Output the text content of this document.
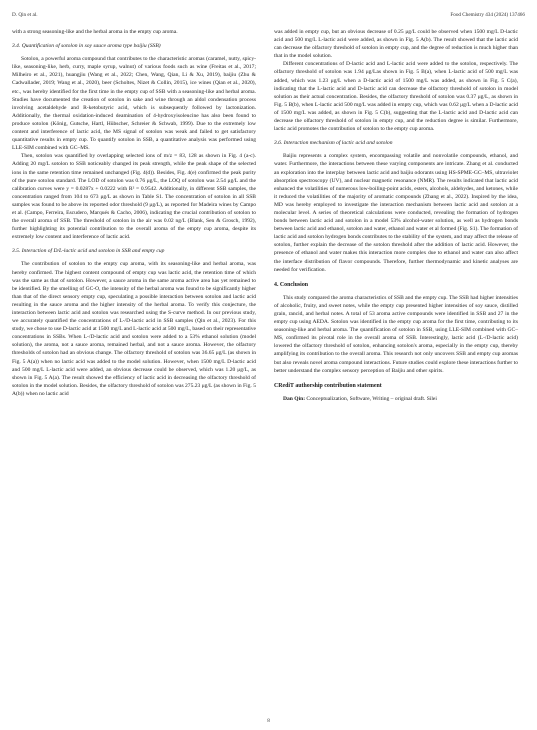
D. Qin et al.	Food Chemistry 434 (2024) 137466

with a strong seasoning-like and the herbal aroma in the empty cup aroma.

3.4. Quantification of sotolon in soy sauce aroma type baijiu (SSB)

Sotolon, a powerful aroma compound that contributes to the characteristic aromas (caramel, nutty, spicy-like, seasoning-like, herb, curry, maple syrup, walnut) of various foods such as wine (Freitas et al., 2017; Milheiro et al., 2021), huangjiu (Wang et al., 2022; Chen, Wang, Qian, Li & Xu, 2019), baijiu (Zhu & Cadwallader, 2019; Wang et al., 2020), beer (Scholtes, Nizet & Collin, 2015), ice wines (Qian et al., 2020), etc., was hereby identified for the first time in the empty cup of SSB with a seasoning-like and herbal aroma. Studies have documented the creation of sotolon in sake and wine through an aldol condensation process involving acetaldehyde and R-ketobutyric acid, which is subsequently followed by lactonization. Additionally, the thermal oxidation-induced deamination of 4-hydroxyisoleucine has also been found to produce sotolon (König, Gutsche, Hartl, Hübscher, Schreier & Schwab, 1999). Due to the extremely low content and interference of lactic acid, the MS signal of sotolon was weak and failed to get satisfactory quantitative results in empty cup. To quantify sotolon in SSB, a quantitative analysis was performed using LLE-SIM combined with GC–MS.

Then, sotolon was quantified by overlapping selected ions of m/z = 83, 128 as shown in Fig. 4 (a-c). Adding 20 mg/L sotolon to SSB noticeably changed its peak strength, while the peak shape of the selected ions in the same retention time remained unchanged (Fig. 4(d)). Besides, Fig. 4(e) confirmed the peak purity of the pure sotolon standard. The LOD of sotolon was 0.76 μg/L, the LOQ of sotolon was 2.54 μg/L and the calibration curves were y = 0.0287x + 0.0222 with R² = 0.9542. Additionally, in different SSB samples, the concentration ranged from 104 to 673 μg/L as shown in Table S1. The concentration of sotolon in all SSB samples was found to be above its reported odor threshold (9 μg/L), as reported for Madeira wines by Campo et al. (Campo, Ferreira, Escudero, Marqués & Cacho, 2006), indicating the crucial contribution of sotolon to the overall aroma of SSB. The threshold of sotolon in the air was 0.02 ng/L (Blank, Sen & Grosch, 1992), further highlighting its potential contribution to the overall aroma of the empty cup aroma, despite its extremely low content and interference of lactic acid.

3.5. Interaction of D/L-lactic acid and sotolon in SSB and empty cup

The contribution of sotolon to the empty cup aroma, with its seasoning-like and herbal aroma, was hereby confirmed. The highest content compound of empty cup was lactic acid, the retention time of which was the same as that of sotolon. However, a sauce aroma in the same aroma active area has yet remained to be identified. By the smelling of GC-O, the intensity of the herbal aroma was found to be significantly higher than that of the direct sensory empty cup, speculating a possible interaction between sotolon and lactic acid resulting in the sauce aroma and the higher intensity of the herbal aroma. To verify this conjecture, the interaction between lactic acid and sotolon was researched using the S-curve method. In our previous study, we accurately quantified the concentrations of L-/D-lactic acid in SSB samples (Qin et al., 2023). For this study, we chose to use D-lactic acid at 1500 mg/L and L-lactic acid at 500 mg/L, based on their representative concentrations in SSBs. When L-/D-lactic acid and sotolon were added to a 53% ethanol solution (model solution), the aroma, not a sauce aroma, remained herbal, and not a sauce aroma. However, the olfactory thresholds of sotolon had an obvious change. The olfactory threshold of sotolon was 36.65 μg/L (as shown in Fig. 5 A(a)) when no lactic acid was added to the model solution. However, when 1500 mg/L D-lactic acid and 500 mg/L L-lactic acid were added, an obvious decrease could be observed, which was 1.20 μg/L, as shown in Fig. 5 A(a). The result showed the efficiency of lactic acid in decreasing the olfactory threshold of sotolon in the model solution. Besides, the olfactory threshold of sotolon was 275.23 μg/L (as shown in Fig. 5 A(b)) when no lactic acid

was added in empty cup, but an obvious decrease of 0.25 μg/L could be observed when 1500 mg/L D-lactic acid and 500 mg/L L-lactic acid were added, as shown in Fig. 5 A(b). The result showed that the lactic acid can decrease the olfactory threshold of sotolon in empty cup, and the degree of reduction is much higher than that in the model solution.

Different concentrations of D-lactic acid and L-lactic acid were added to the sotolon, respectively. The olfactory threshold of sotolon was 1.94 μg/Las shown in Fig. 5 B(a), when L-lactic acid of 500 mg/L was added, which was 1.23 μg/L when a D-lactic acid of 1500 mg/L was added, as shown in Fig. 5 C(a), indicating that the L-lactic acid and D-lactic acid can decrease the olfactory threshold of sotolon in model solution as their actual concentration. Besides, the olfactory threshold of sotolon was 0.37 μg/L, as shown in Fig. 5 B(b), when L-lactic acid 500 mg/L was added in empty cup, which was 0.62 μg/L when a D-lactic acid of 1500 mg/L was added, as shown in Fig. 5 C(b), suggesting that the L-lactic acid and D-lactic acid can decrease the olfactory threshold of sotolon in empty cup, and the reduction degree is similar. Furthermore, lactic acid promotes the contribution of sotolon to the empty cup aroma.

3.6. Interaction mechanism of lactic acid and sotolon

Baijiu represents a complex system, encompassing volatile and nonvolatile compounds, ethanol, and water. Furthermore, the interactions between these varying components are intricate. Zhang et al. conducted an exploration into the interplay between lactic acid and baijiu odorants using HS-SPME-GC–MS, ultraviolet absorption spectroscopy (UV), and nuclear magnetic resonance (NMR). The results indicated that lactic acid enhanced the volatilities of numerous low-boiling-point acids, esters, alcohols, aldehydes, and ketones, while it reduced the volatilities of the majority of aromatic compounds (Zhang et al., 2022). Inspired by the idea, MD was hereby employed to investigate the interaction mechanism between lactic acid and sotolon at a molecular level. A series of theoretical calculations were conducted, revealing the formation of hydrogen bonds between lactic acid and sotolon in a model 53% alcohol-water solution, as well as hydrogen bonds between lactic acid and ethanol, sotolon and water, ethanol and water et al formed (Fig. S1). The formation of lactic acid and sotolon hydrogen bonds contributes to the stability of the system, and may affect the release of sotolon, further explain the decrease of the sotolon threshold after the addition of lactic acid. However, the presence of ethanol and water makes this interaction more complex due to ethanol and water can also affect the interface distribution of flavor compounds. Therefore, further thermodynamic and kinetic analyses are needed for verification.

4. Conclusion

This study compared the aroma characteristics of SSB and the empty cup. The SSB had higher intensities of alcoholic, fruity, and sweet notes, while the empty cup presented higher intensities of soy sauce, distilled grain, rancid, and herbal notes. A total of 53 aroma active compounds were identified in SSB and 27 in the empty cup using AEDA. Sotolon was identified in the empty cup aroma for the first time, contributing to its seasoning-like and herbal aroma. The quantification of sotolon in SSB, using LLE-SIM combined with GC–MS, confirmed its pivotal role in the overall aroma of SSB. Interestingly, lactic acid (L-/D-lactic acid) lowered the olfactory threshold of sotolon, enhancing sotolon's aroma, especially in the empty cup, thereby amplifying its contribution to the overall aroma. This research not only uncovers SSB and empty cup aromas but also reveals novel aroma compound interactions. Future studies could explore these interactions further to better understand the complex sensory perception of Baijiu and other spirits.

CRediT authorship contribution statement

Dan Qin: Conceptualization, Software, Writing – original draft. Silei

8
